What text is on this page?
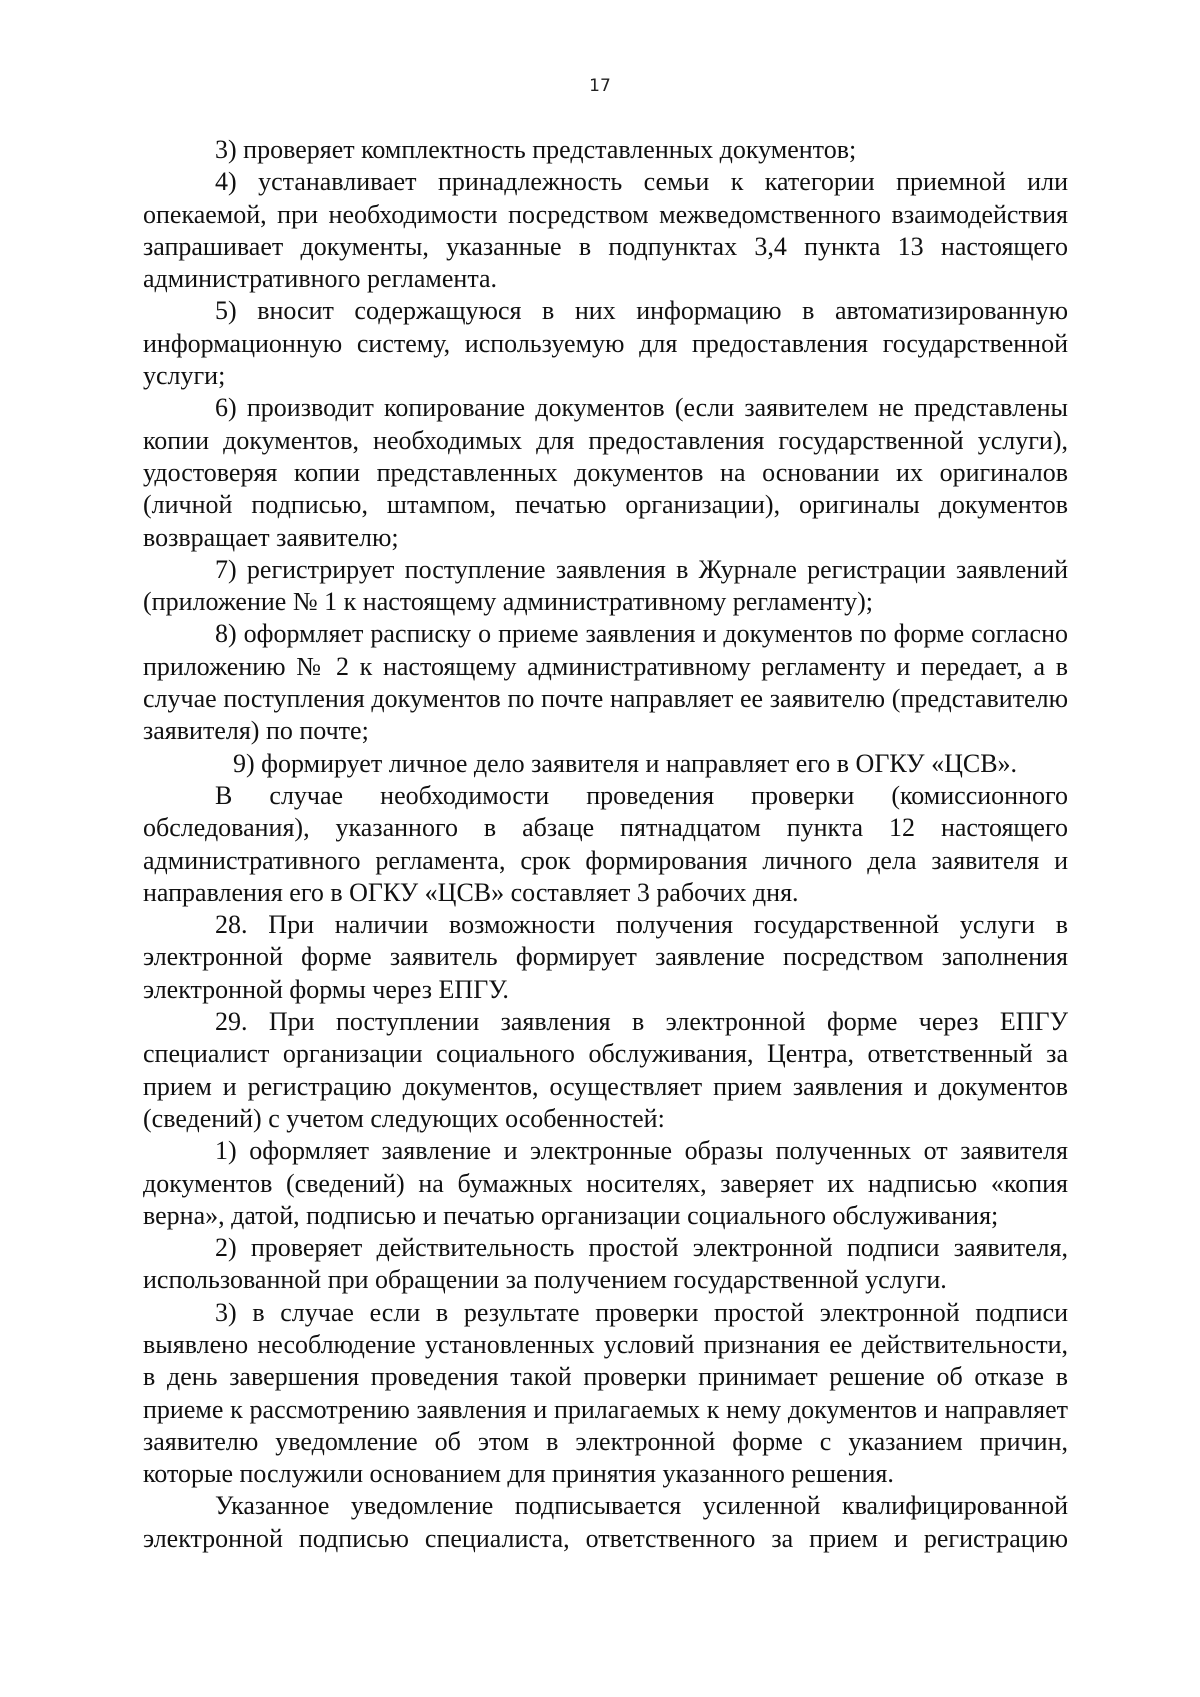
17

3) проверяет комплектность представленных документов;

4) устанавливает принадлежность семьи к категории приемной или опекаемой, при необходимости посредством межведомственного взаимодействия запрашивает документы, указанные в подпунктах 3,4 пункта 13 настоящего административного регламента.

5) вносит содержащуюся в них информацию в автоматизированную информационную систему, используемую для предоставления государственной услуги;

6) производит копирование документов (если заявителем не представлены копии документов, необходимых для предоставления государственной услуги), удостоверяя копии представленных документов на основании их оригиналов (личной подписью, штампом, печатью организации), оригиналы документов возвращает заявителю;

7) регистрирует поступление заявления в Журнале регистрации заявлений (приложение № 1 к настоящему административному регламенту);

8) оформляет расписку о приеме заявления и документов по форме согласно приложению № 2 к настоящему административному регламенту и передает, а в случае поступления документов по почте направляет ее заявителю (представителю заявителя) по почте;

9) формирует личное дело заявителя и направляет его в ОГКУ «ЦСВ».

В случае необходимости проведения проверки (комиссионного обследования), указанного в абзаце пятнадцатом пункта 12 настоящего административного регламента, срок формирования личного дела заявителя и направления его в ОГКУ «ЦСВ» составляет 3 рабочих дня.

28. При наличии возможности получения государственной услуги в электронной форме заявитель формирует заявление посредством заполнения электронной формы через ЕПГУ.

29. При поступлении заявления в электронной форме через ЕПГУ специалист организации социального обслуживания, Центра, ответственный за прием и регистрацию документов, осуществляет прием заявления и документов (сведений) с учетом следующих особенностей:

1) оформляет заявление и электронные образы полученных от заявителя документов (сведений) на бумажных носителях, заверяет их надписью «копия верна», датой, подписью и печатью организации социального обслуживания;

2) проверяет действительность простой электронной подписи заявителя, использованной при обращении за получением государственной услуги.

3) в случае если в результате проверки простой электронной подписи выявлено несоблюдение установленных условий признания ее действительности, в день завершения проведения такой проверки принимает решение об отказе в приеме к рассмотрению заявления и прилагаемых к нему документов и направляет заявителю уведомление об этом в электронной форме с указанием причин, которые послужили основанием для принятия указанного решения.

Указанное уведомление подписывается усиленной квалифицированной электронной подписью специалиста, ответственного за прием и регистрацию
